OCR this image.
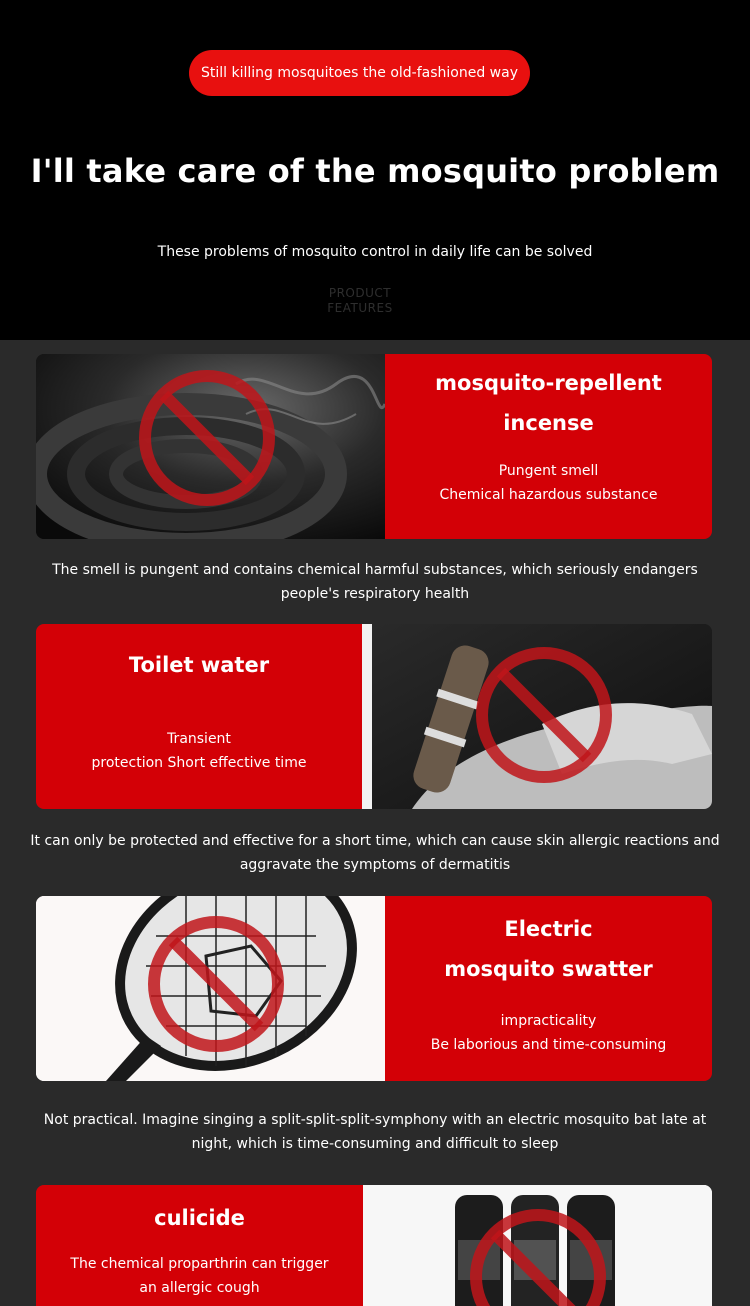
Still killing mosquitoes the old-fashioned way
I'll take care of the mosquito problem
These problems of mosquito control in daily life can be solved
PRODUCT
FEATURES
mosquito-repellent
incense
Pungent smell
Chemical hazardous substance
The smell is pungent and contains chemical harmful substances, which seriously endangers people's respiratory health
Toilet water
Transient
protection Short effective time
It can only be protected and effective for a short time, which can cause skin allergic reactions and aggravate the symptoms of dermatitis
Electric
mosquito swatter
impracticality
Be laborious and time-consuming
Not practical. Imagine singing a split-split-split-symphony with an electric mosquito bat late at night, which is time-consuming and difficult to sleep
culicide
The chemical proparthrin can trigger
an allergic cough
